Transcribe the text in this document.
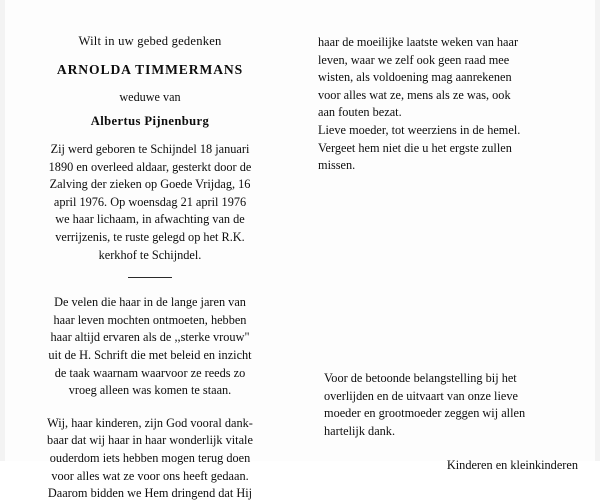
Wilt in uw gebed gedenken
ARNOLDA TIMMERMANS
weduwe van
Albertus Pijnenburg
Zij werd geboren te Schijndel 18 januari
1890 en overleed aldaar, gesterkt door de
Zalving der zieken op Goede Vrijdag, 16
april 1976. Op woensdag 21 april 1976
we haar lichaam, in afwachting van de
verrijzenis, te ruste gelegd op het R.K.
kerkhof te Schijndel.
De velen die haar in de lange jaren van
haar leven mochten ontmoeten, hebben
haar altijd ervaren als de ,,sterke vrouw"
uit de H. Schrift die met beleid en inzicht
de taak waarnam waarvoor ze reeds zo
vroeg alleen was komen te staan.
Wij, haar kinderen, zijn God vooral dank-
baar dat wij haar in haar wonderlijk vitale
ouderdom iets hebben mogen terug doen
voor alles wat ze voor ons heeft gedaan.
Daarom bidden we Hem dringend dat Hij
haar de moeilijke laatste weken van haar
leven, waar we zelf ook geen raad mee
wisten, als voldoening mag aanrekenen
voor alles wat ze, mens als ze was, ook
aan fouten bezat.
Lieve moeder, tot weerziens in de hemel.
Vergeet hem niet die u het ergste zullen
missen.
Voor de betoonde belangstelling bij het
overlijden en de uitvaart van onze lieve
moeder en grootmoeder zeggen wij allen
hartelijk dank.
Kinderen en kleinkinderen
